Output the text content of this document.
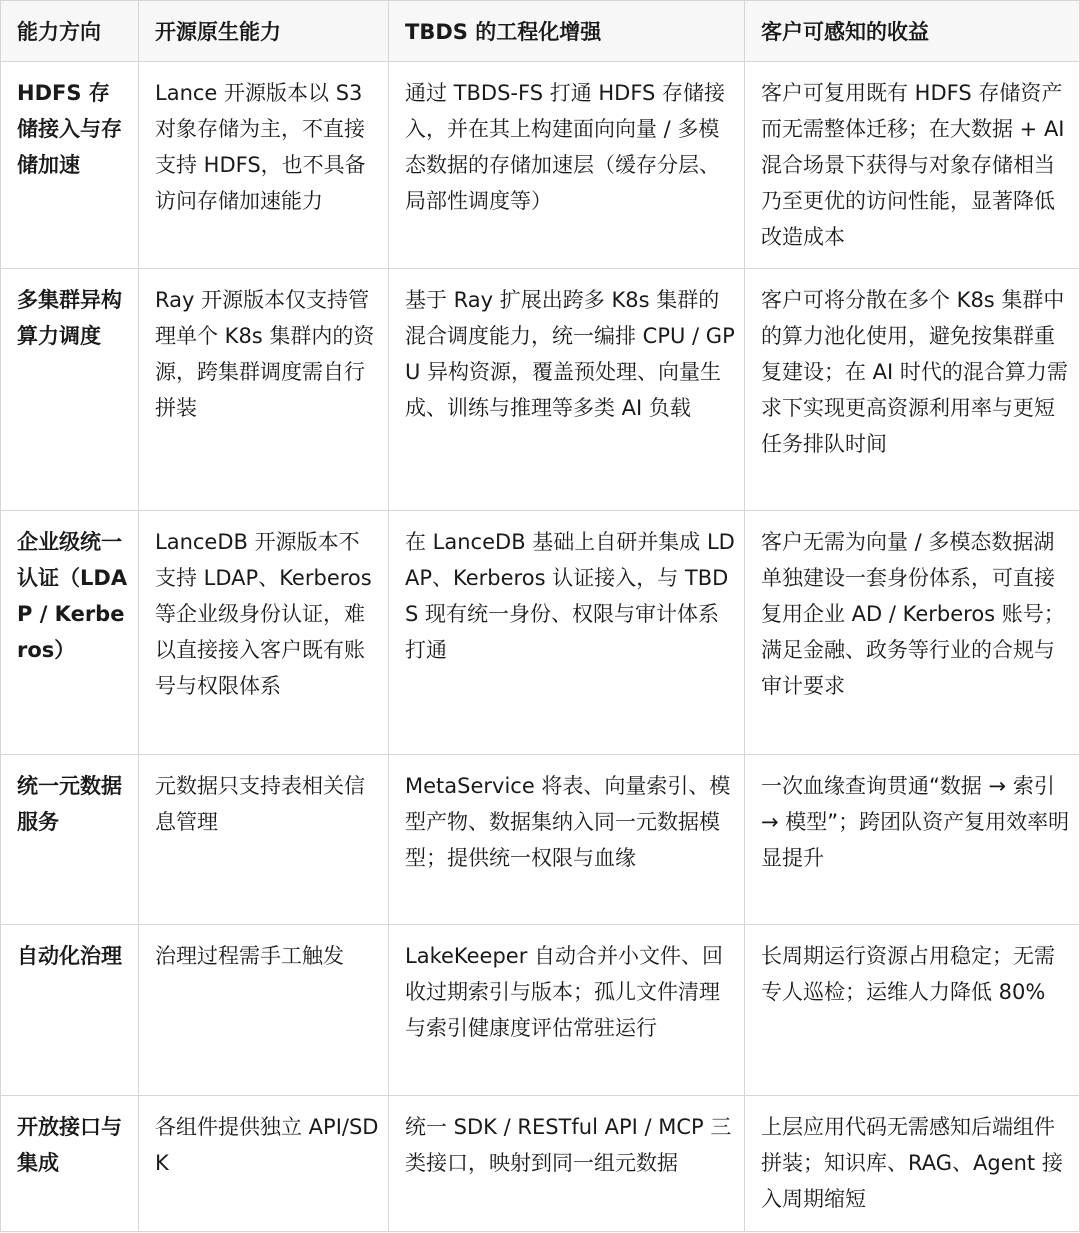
能力方向	开源原生能力	TBDS 的工程化增强	客户可感知的收益
HDFS 存储接入与存储加速	Lance 开源版本以 S3 对象存储为主，不直接支持 HDFS，也不具备访问存储加速能力	通过 TBDS-FS 打通 HDFS 存储接入，并在其上构建面向向量 / 多模态数据的存储加速层（缓存分层、局部性调度等）	客户可复用既有 HDFS 存储资产而无需整体迁移；在大数据 + AI 混合场景下获得与对象存储相当乃至更优的访问性能，显著降低改造成本
多集群异构算力调度	Ray 开源版本仅支持管理单个 K8s 集群内的资源，跨集群调度需自行拼装	基于 Ray 扩展出跨多 K8s 集群的混合调度能力，统一编排 CPU / GPU 异构资源，覆盖预处理、向量生成、训练与推理等多类 AI 负载	客户可将分散在多个 K8s 集群中的算力池化使用，避免按集群重复建设；在 AI 时代的混合算力需求下实现更高资源利用率与更短任务排队时间
企业级统一认证（LDAP / Kerberos）	LanceDB 开源版本不支持 LDAP、Kerberos 等企业级身份认证，难以直接接入客户既有账号与权限体系	在 LanceDB 基础上自研并集成 LDAP、Kerberos 认证接入，与 TBDS 现有统一身份、权限与审计体系打通	客户无需为向量 / 多模态数据湖单独建设一套身份体系，可直接复用企业 AD / Kerberos 账号；满足金融、政务等行业的合规与审计要求
统一元数据服务	元数据只支持表相关信息管理	MetaService 将表、向量索引、模型产物、数据集纳入同一元数据模型；提供统一权限与血缘	一次血缘查询贯通“数据 → 索引 → 模型”；跨团队资产复用效率明显提升
自动化治理	治理过程需手工触发	LakeKeeper 自动合并小文件、回收过期索引与版本；孤儿文件清理与索引健康度评估常驻运行	长周期运行资源占用稳定；无需专人巡检；运维人力降低 80%
开放接口与集成	各组件提供独立 API/SDK	统一 SDK / RESTful API / MCP 三类接口，映射到同一组元数据	上层应用代码无需感知后端组件拼装；知识库、RAG、Agent 接入周期缩短
